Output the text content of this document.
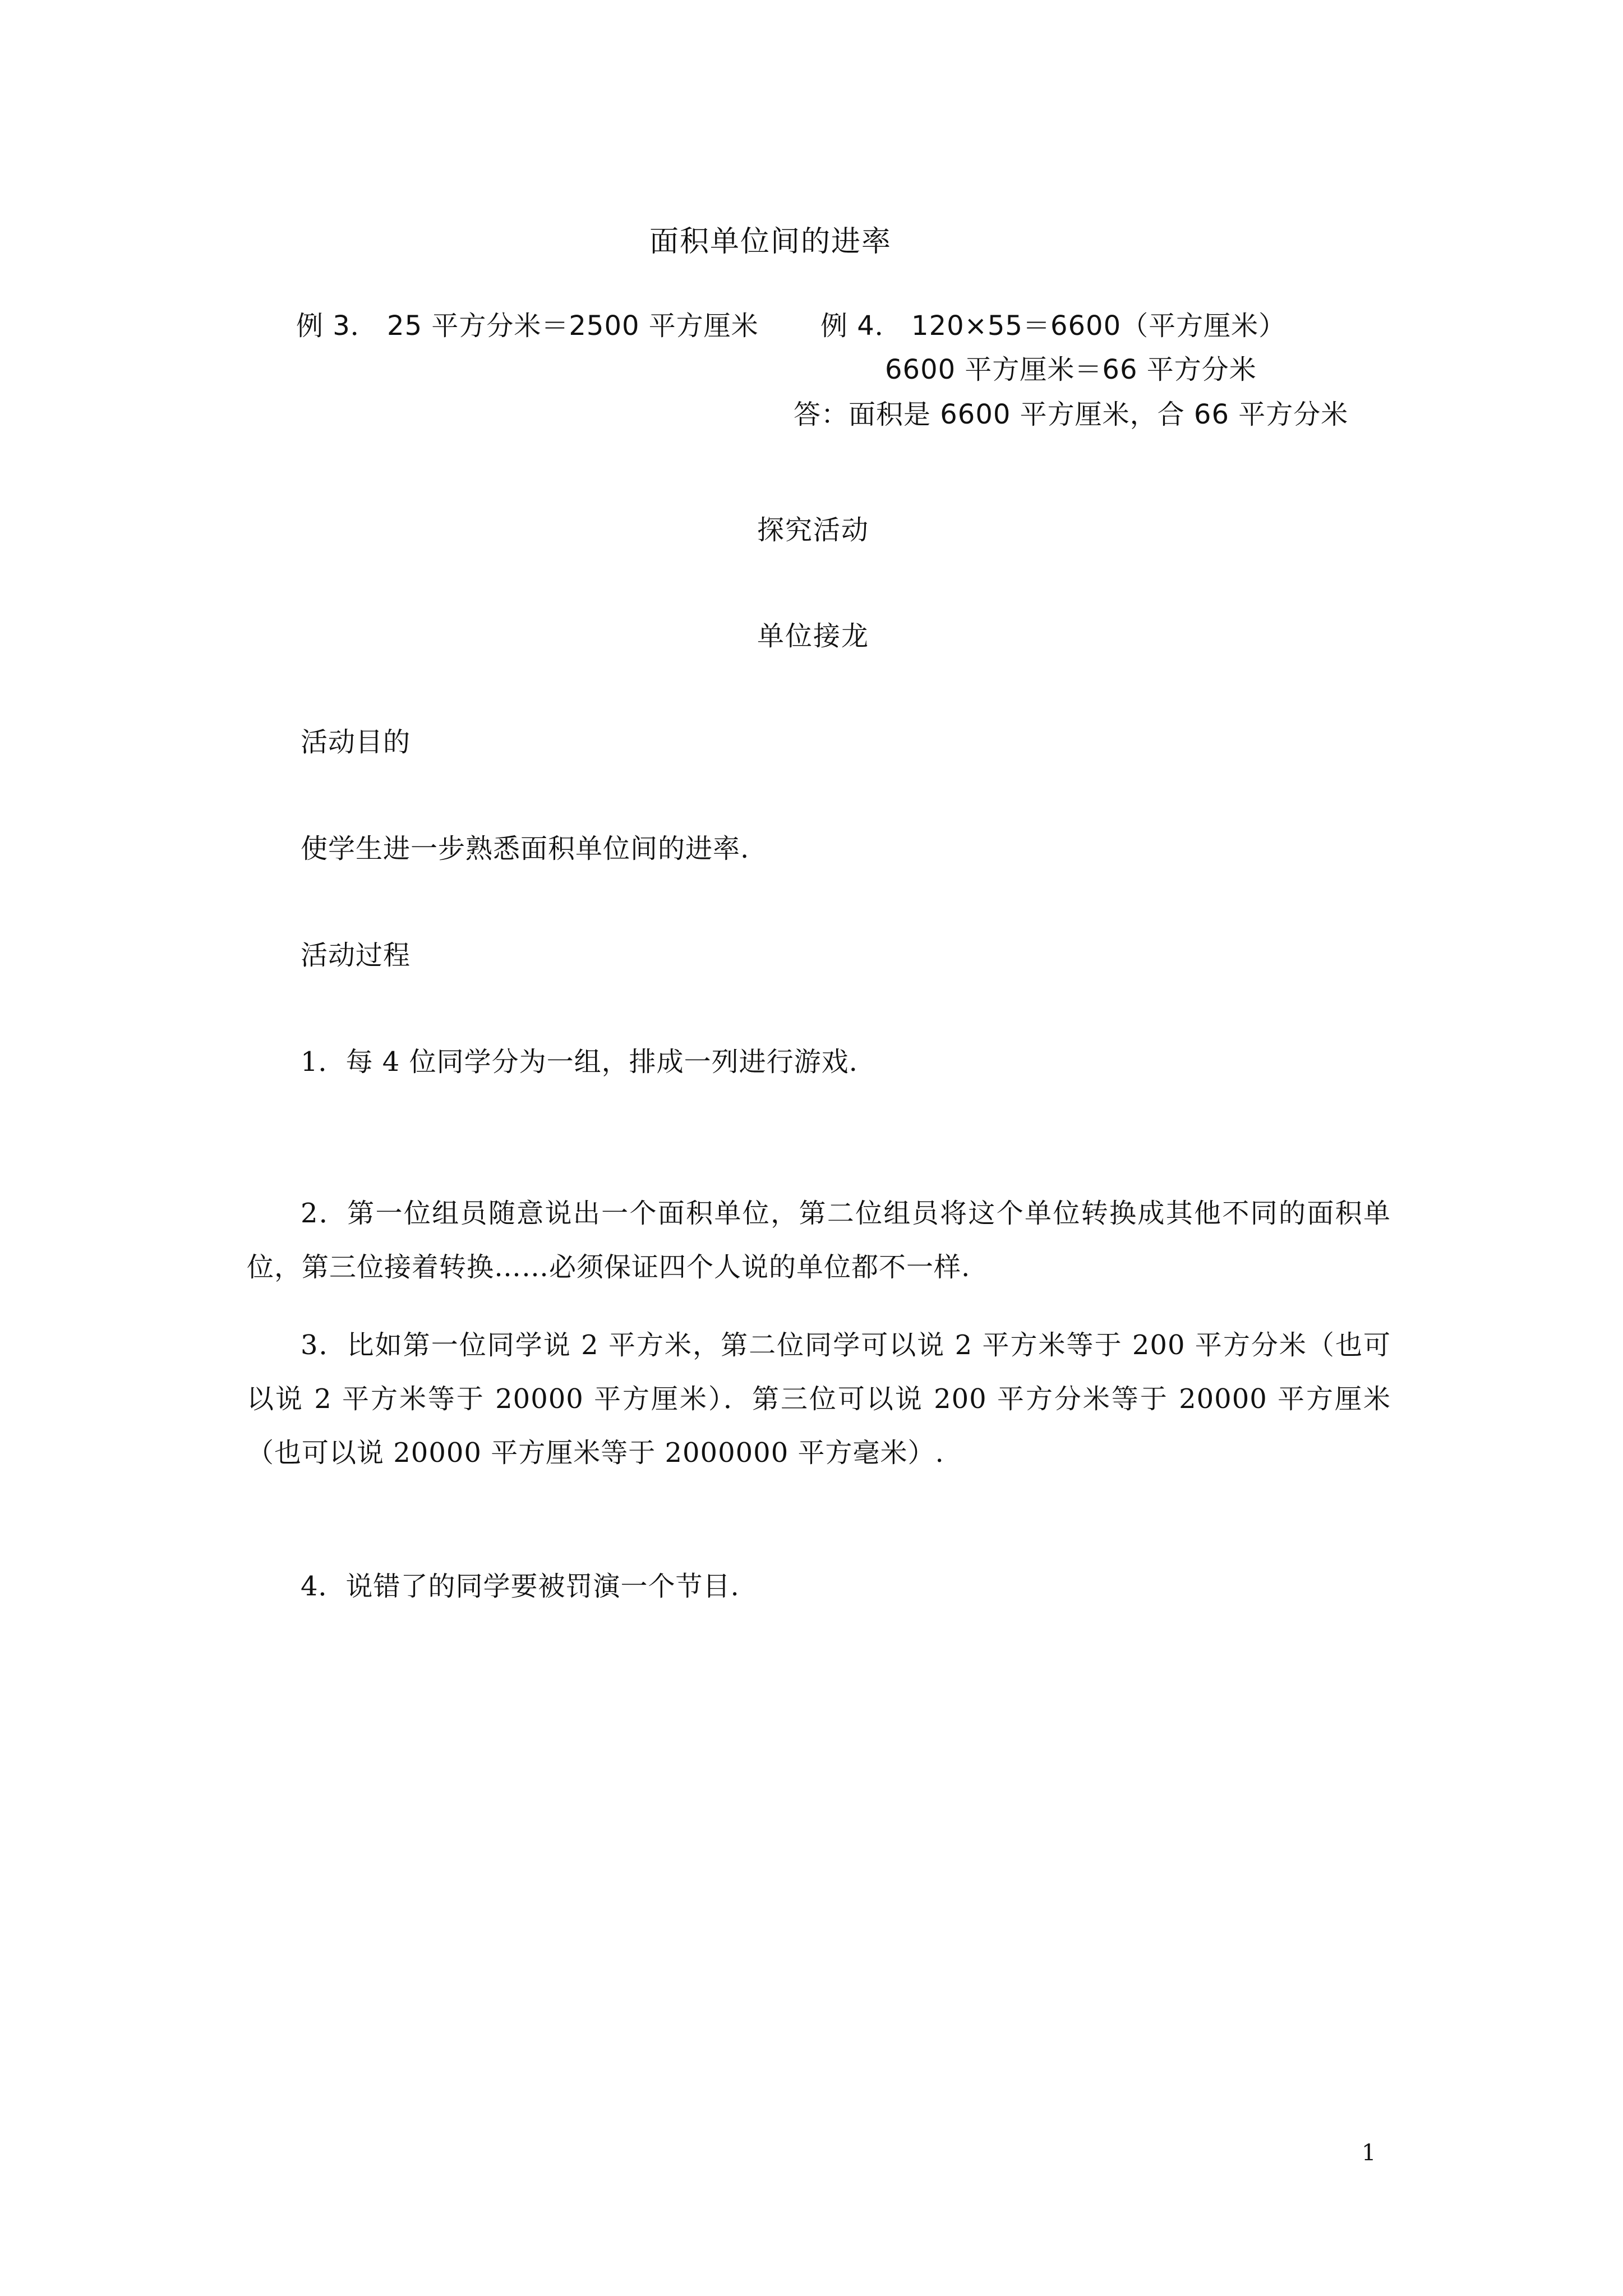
面积单位间的进率
例 3． 25 平方分米＝2500 平方厘米 例 4． 120×55＝6600（平方厘米）
6600 平方厘米＝66 平方分米
答：面积是 6600 平方厘米，合 66 平方分米
探究活动
单位接龙
活动目的
使学生进一步熟悉面积单位间的进率.
活动过程
1．每 4 位同学分为一组，排成一列进行游戏.
2．第一位组员随意说出一个面积单位，第二位组员将这个单位转换成其他不同的面积单位，第三位接着转换……必须保证四个人说的单位都不一样.
3．比如第一位同学说 2 平方米，第二位同学可以说 2 平方米等于 200 平方分米（也可以说 2 平方米等于 20000 平方厘米）．第三位可以说 200 平方分米等于 20000 平方厘米（也可以说 20000 平方厘米等于 2000000 平方毫米）.
4．说错了的同学要被罚演一个节目.
1
